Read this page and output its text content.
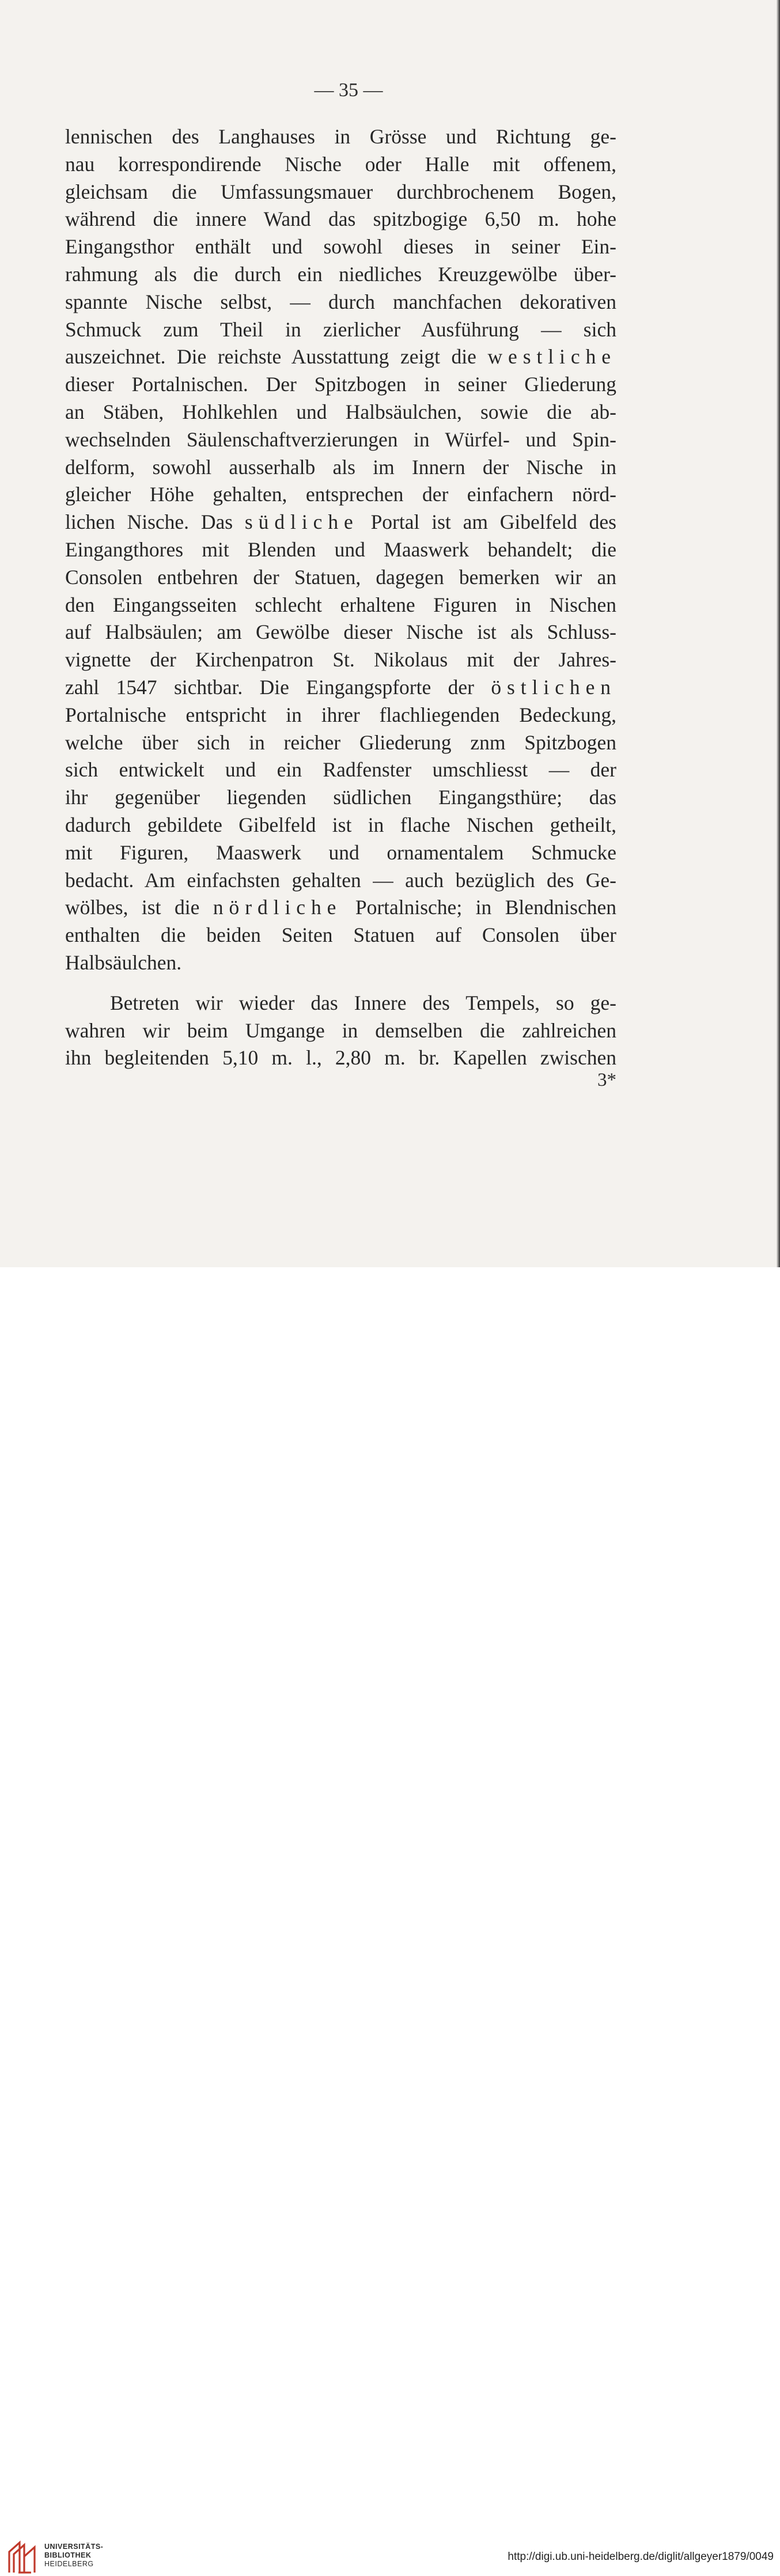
— 35 —

lennischen des Langhauses in Grösse und Richtung ge-
nau korrespondirende Nische oder Halle mit offenem,
gleichsam die Umfassungsmauer durchbrochenem Bogen,
während die innere Wand das spitzbogige 6,50 m. hohe
Eingangsthor enthält und sowohl dieses in seiner Ein-
rahmung als die durch ein niedliches Kreuzgewölbe über-
spannte Nische selbst, — durch manchfachen dekorativen
Schmuck zum Theil in zierlicher Ausführung — sich
auszeichnet. Die reichste Ausstattung zeigt die westliche
dieser Portalnischen. Der Spitzbogen in seiner Gliederung
an Stäben, Hohlkehlen und Halbsäulchen, sowie die ab-
wechselnden Säulenschaftverzierungen in Würfel- und Spin-
delform, sowohl ausserhalb als im Innern der Nische in
gleicher Höhe gehalten, entsprechen der einfachern nörd-
lichen Nische. Das südliche Portal ist am Gibelfeld des
Eingangthores mit Blenden und Maaswerk behandelt; die
Consolen entbehren der Statuen, dagegen bemerken wir an
den Eingangsseiten schlecht erhaltene Figuren in Nischen
auf Halbsäulen; am Gewölbe dieser Nische ist als Schluss-
vignette der Kirchenpatron St. Nikolaus mit der Jahres-
zahl 1547 sichtbar. Die Eingangspforte der östlichen
Portalnische entspricht in ihrer flachliegenden Bedeckung,
welche über sich in reicher Gliederung znm Spitzbogen
sich entwickelt und ein Radfenster umschliesst — der
ihr gegenüber liegenden südlichen Eingangsthüre; das
dadurch gebildete Gibelfeld ist in flache Nischen getheilt,
mit Figuren, Maaswerk und ornamentalem Schmucke
bedacht. Am einfachsten gehalten — auch bezüglich des Ge-
wölbes, ist die nördliche Portalnische; in Blendnischen
enthalten die beiden Seiten Statuen auf Consolen über
Halbsäulchen.
Betreten wir wieder das Innere des Tempels, so ge-
wahren wir beim Umgange in demselben die zahlreichen
ihn begleitenden 5,10 m. l., 2,80 m. br. Kapellen zwischen

3*

UNIVERSITÄTS-
BIBLIOTHEK
HEIDELBERG
http://digi.ub.uni-heidelberg.de/diglit/allgeyer1879/0049
